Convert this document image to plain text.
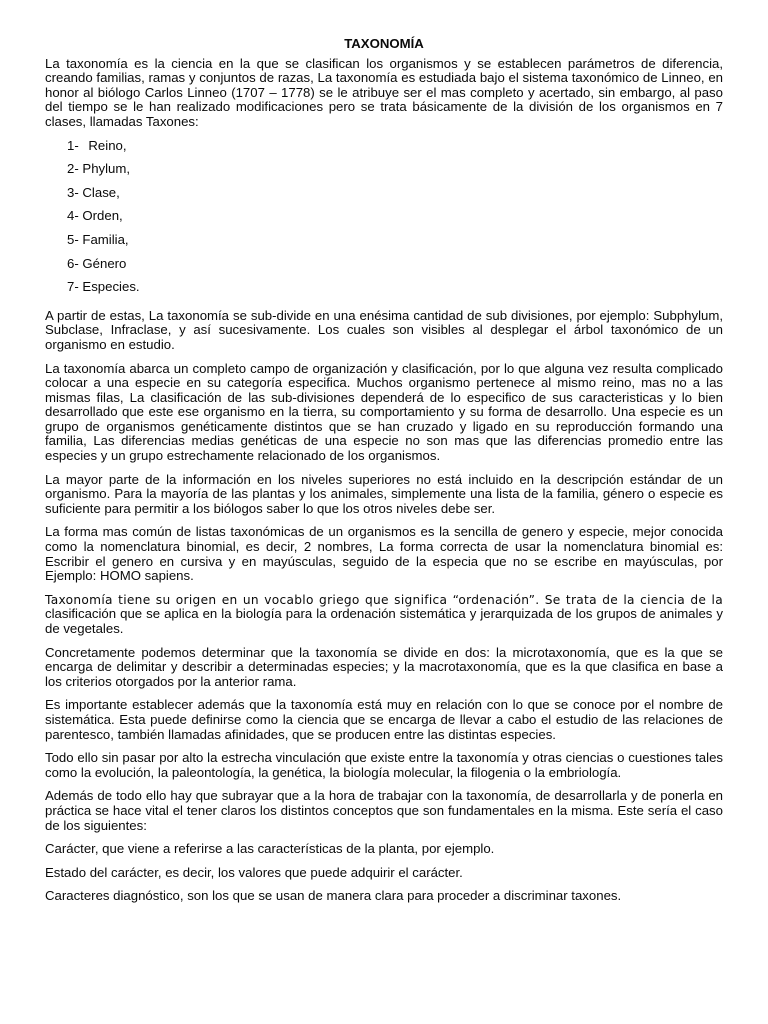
TAXONOMÍA

La taxonomía es la ciencia en la que se clasifican los organismos y se establecen parámetros de diferencia, creando familias, ramas y conjuntos de razas, La taxonomía es estudiada bajo el sistema taxonómico de Linneo, en honor al biólogo Carlos Linneo (1707 – 1778) se le atribuye ser el mas completo y acertado, sin embargo, al paso del tiempo se le han realizado modificaciones pero se trata básicamente de la división de los organismos en 7 clases, llamadas Taxones:

1- Reino,
2- Phylum,
3- Clase,
4- Orden,
5- Familia,
6- Género
7- Especies.

A partir de estas, La taxonomía se sub-divide en una enésima cantidad de sub divisiones, por ejemplo: Subphylum, Subclase, Infraclase, y así sucesivamente. Los cuales son visibles al desplegar el árbol taxonómico de un organismo en estudio.

La taxonomía abarca un completo campo de organización y clasificación, por lo que alguna vez resulta complicado colocar a una especie en su categoría especifica. Muchos organismo pertenece al mismo reino, mas no a las mismas filas, La clasificación de las sub-divisiones dependerá de lo especifico de sus caracteristicas y lo bien desarrollado que este ese organismo en la tierra, su comportamiento y su forma de desarrollo. Una especie es un grupo de organismos genéticamente distintos que se han cruzado y ligado en su reproducción formando una familia, Las diferencias medias genéticas de una especie no son mas que las diferencias promedio entre las especies y un grupo estrechamente relacionado de los organismos.

La mayor parte de la información en los niveles superiores no está incluido en la descripción estándar de un organismo. Para la mayoría de las plantas y los animales, simplemente una lista de la familia, género o especie es suficiente para permitir a los biólogos saber lo que los otros niveles debe ser.

La forma mas común de listas taxonómicas de un organismos es la sencilla de genero y especie, mejor conocida como la nomenclatura binomial, es decir, 2 nombres, La forma correcta de usar la nomenclatura binomial es: Escribir el genero en cursiva y en mayúsculas, seguido de la especia que no se escribe en mayúsculas, por Ejemplo: HOMO sapiens.

Taxonomía tiene su origen en un vocablo griego que significa “ordenación”. Se trata de la ciencia de la clasificación que se aplica en la biología para la ordenación sistemática y jerarquizada de los grupos de animales y de vegetales.

Concretamente podemos determinar que la taxonomía se divide en dos: la microtaxonomía, que es la que se encarga de delimitar y describir a determinadas especies; y la macrotaxonomía, que es la que clasifica en base a los criterios otorgados por la anterior rama.

Es importante establecer además que la taxonomía está muy en relación con lo que se conoce por el nombre de sistemática. Esta puede definirse como la ciencia que se encarga de llevar a cabo el estudio de las relaciones de parentesco, también llamadas afinidades, que se producen entre las distintas especies.

Todo ello sin pasar por alto la estrecha vinculación que existe entre la taxonomía y otras ciencias o cuestiones tales como la evolución, la paleontología, la genética, la biología molecular, la filogenia o la embriología.

Además de todo ello hay que subrayar que a la hora de trabajar con la taxonomía, de desarrollarla y de ponerla en práctica se hace vital el tener claros los distintos conceptos que son fundamentales en la misma. Este sería el caso de los siguientes:

Carácter, que viene a referirse a las características de la planta, por ejemplo.

Estado del carácter, es decir, los valores que puede adquirir el carácter.

Caracteres diagnóstico, son los que se usan de manera clara para proceder a discriminar taxones.
